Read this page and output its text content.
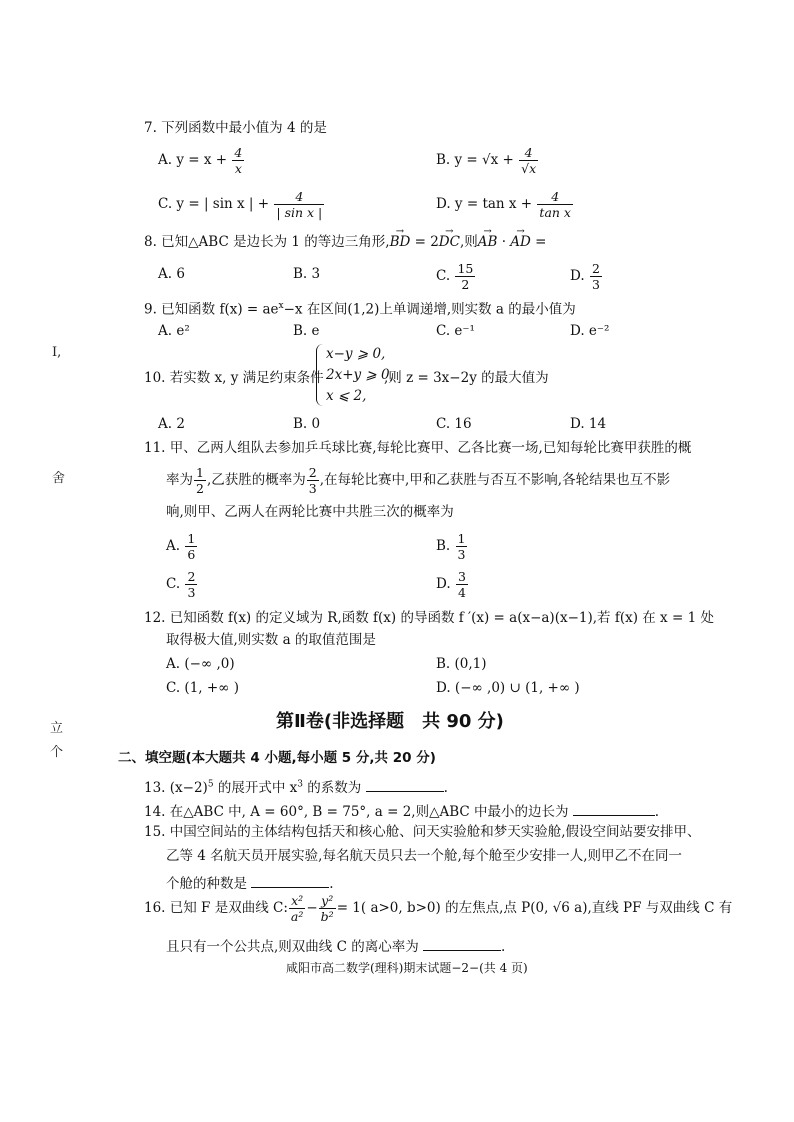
I,
舍
立
个
7. 下列函数中最小值为 4 的是
A. $y = x + \frac{4}{x}$	B. $y = √x + \frac{4}{√x}$
C. y = | sin x | + $\frac{4}{\text{| sin x |}}$	D. $y = \tan x + \frac{4}{\text{tan x}}$
8. 已知△ABC 是边长为 1 的等边三角形,→ BD = 2→ DC,则→ AB · → AD =
A. 6	B. 3	C. $\frac{15}{2}$	D. $\frac{2}{3}$
9. 已知函数 $f(x) = ae^x-x$ 在区间(1,2)上单调递增,则实数 a 的最小值为
A. e²	B. e	C. e⁻¹	D. e⁻²
10. 若实数 x, y 满足约束条件
x−y ⩾ 0,
2x+y ⩾ 0,
x ⩽ 2,
,则 z = 3x−2y 的最大值为
A. 2	B. 0	C. 16	D. 14
11. 甲、乙两人组队去参加乒乓球比赛,每轮比赛甲、乙各比赛一场,已知每轮比赛甲获胜的概
率为 $\frac{1}{2}$ ,乙获胜的概率为 $\frac{2}{3}$ ,在每轮比赛中,甲和乙获胜与否互不影响,各轮结果也互不影
响,则甲、乙两人在两轮比赛中共胜三次的概率为
A. $\frac{1}{6}$	B. $\frac{1}{3}$
C. $\frac{2}{3}$	D. $\frac{3}{4}$
12. 已知函数 f(x) 的定义域为 R,函数 f(x) 的导函数 f ′(x) = a(x−a)(x−1),若 f(x) 在 x = 1 处
取得极大值,则实数 a 的取值范围是
A. (−∞ ,0)	B. (0,1)
C. (1, +∞ )	D. (−∞ ,0) ∪ (1, +∞ )
第Ⅱ卷(非选择题　共 90 分)
二、填空题(本大题共 4 小题,每小题 5 分,共 20 分)
13. $(x-2)^5$ 的展开式中 $x^3$ 的系数为	.
14. 在△ABC 中, A = 60°, B = 75°, a = 2,则△ABC 中最小的边长为	.
15. 中国空间站的主体结构包括天和核心舱、问天实验舱和梦天实验舱,假设空间站要安排甲、
乙等 4 名航天员开展实验,每名航天员只去一个舱,每个舱至少安排一人,则甲乙不在同一
个舱的种数是	.
16. 已知 F 是双曲线 C: $\frac{\text{x²}}{\text{a²}} - \frac{\text{y²}}{\text{b²}} = 1$( a>0, b>0) 的左焦点,点 P(0, √6 a),直线 PF 与双曲线 C 有
且只有一个公共点,则双曲线 C 的离心率为	.
咸阳市高二数学(理科)期末试题−2−(共 4 页)
